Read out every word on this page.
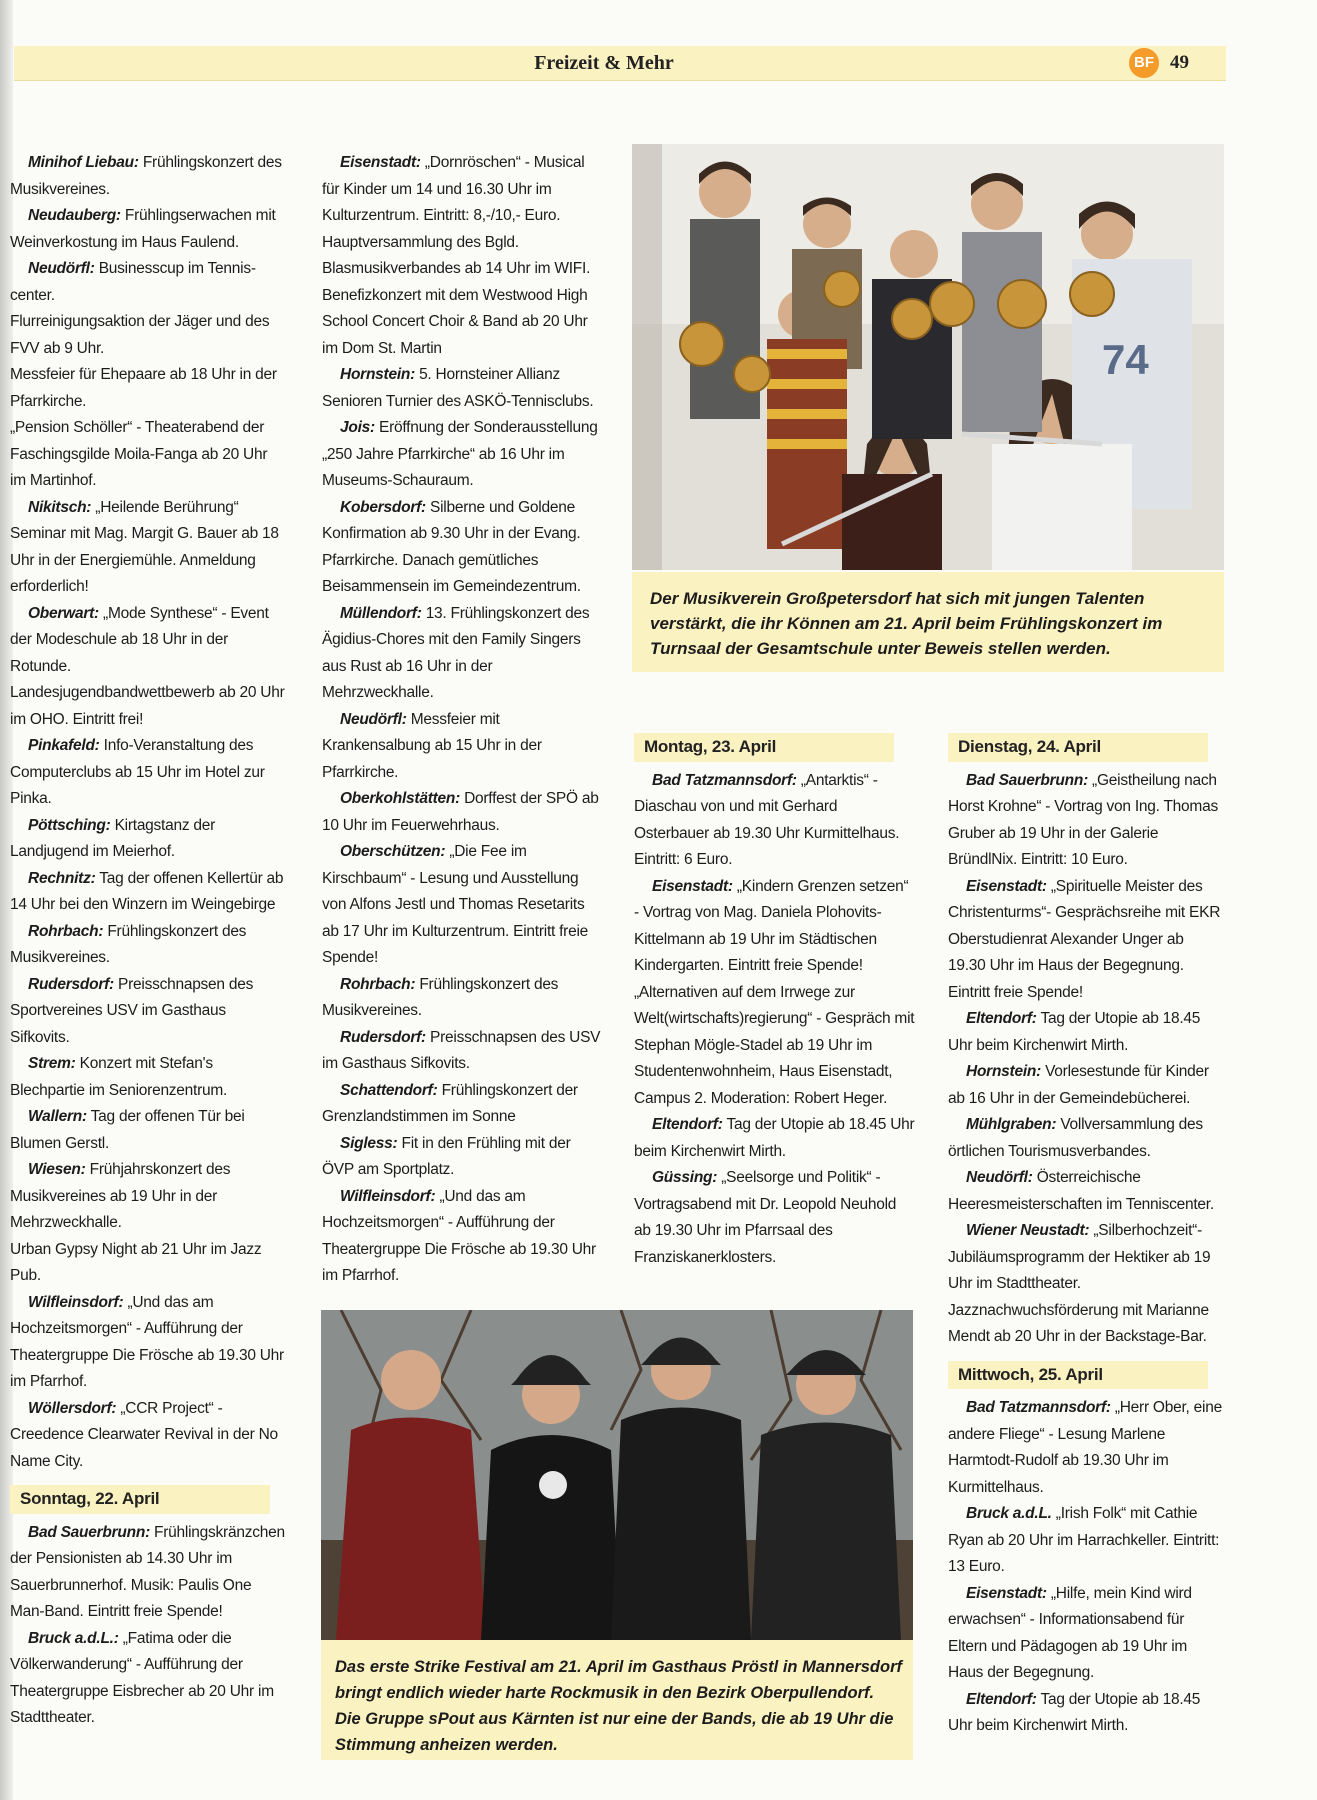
Freizeit & Mehr	BF 49

Minihof Liebau: Frühlingskonzert des Musikvereines.

Neudauberg: Frühlingserwachen mit Weinverkostung im Haus Faulend.

Neudörfl: Businesscup im Tennis-center.

Flurreinigungsaktion der Jäger und des FVV ab 9 Uhr.

Messfeier für Ehepaare ab 18 Uhr in der Pfarrkirche.

„Pension Schöller“ - Theaterabend der Faschingsgilde Moila-Fanga ab 20 Uhr im Martinhof.

Nikitsch: „Heilende Berührung“ Seminar mit Mag. Margit G. Bauer ab 18 Uhr in der Energiemühle. Anmeldung erforderlich!

Oberwart: „Mode Synthese“ - Event der Modeschule ab 18 Uhr in der Rotunde.

Landesjugendbandwettbewerb ab 20 Uhr im OHO. Eintritt frei!

Pinkafeld: Info-Veranstaltung des Computerclubs ab 15 Uhr im Hotel zur Pinka.

Pöttsching: Kirtagstanz der Landjugend im Meierhof.

Rechnitz: Tag der offenen Kellertür ab 14 Uhr bei den Winzern im Weingebirge

Rohrbach: Frühlingskonzert des Musikvereines.

Rudersdorf: Preisschnapsen des Sportvereines USV im Gasthaus Sifkovits.

Strem: Konzert mit Stefan's Blechpartie im Seniorenzentrum.

Wallern: Tag der offenen Tür bei Blumen Gerstl.

Wiesen: Frühjahrskonzert des Musikvereines ab 19 Uhr in der Mehrzweckhalle.

Urban Gypsy Night ab 21 Uhr im Jazz Pub.

Wilfleinsdorf: „Und das am Hochzeitsmorgen“ - Aufführung der Theatergruppe Die Frösche ab 19.30 Uhr im Pfarrhof.

Wöllersdorf: „CCR Project“ - Creedence Clearwater Revival in der No Name City.

Sonntag, 22. April

Bad Sauerbrunn: Frühlingskränzchen der Pensionisten ab 14.30 Uhr im Sauerbrunnerhof. Musik: Paulis One Man-Band. Eintritt freie Spende!

Bruck a.d.L.: „Fatima oder die Völkerwanderung“ - Aufführung der Theatergruppe Eisbrecher ab 20 Uhr im Stadttheater.

Eisenstadt: „Dornröschen“ - Musical für Kinder um 14 und 16.30 Uhr im Kulturzentrum. Eintritt: 8,-/10,- Euro.

Hauptversammlung des Bgld. Blasmusikverbandes ab 14 Uhr im WIFI.

Benefizkonzert mit dem Westwood High School Concert Choir & Band ab 20 Uhr im Dom St. Martin

Hornstein: 5. Hornsteiner Allianz Senioren Turnier des ASKÖ-Tennisclubs.

Jois: Eröffnung der Sonderausstellung „250 Jahre Pfarrkirche“ ab 16 Uhr im Museums-Schauraum.

Kobersdorf: Silberne und Goldene Konfirmation ab 9.30 Uhr in der Evang. Pfarrkirche. Danach gemütliches Beisammensein im Gemeindezentrum.

Müllendorf: 13. Frühlingskonzert des Ägidius-Chores mit den Family Singers aus Rust ab 16 Uhr in der Mehrzweckhalle.

Neudörfl: Messfeier mit Krankensalbung ab 15 Uhr in der Pfarrkirche.

Oberkohlstätten: Dorffest der SPÖ ab 10 Uhr im Feuerwehrhaus.

Oberschützen: „Die Fee im Kirschbaum“ - Lesung und Ausstellung von Alfons Jestl und Thomas Resetarits ab 17 Uhr im Kulturzentrum. Eintritt freie Spende!

Rohrbach: Frühlingskonzert des Musikvereines.

Rudersdorf: Preisschnapsen des USV im Gasthaus Sifkovits.

Schattendorf: Frühlingskonzert der Grenzlandstimmen im Sonne

Sigless: Fit in den Frühling mit der ÖVP am Sportplatz.

Wilfleinsdorf: „Und das am Hochzeitsmorgen“ - Aufführung der Theatergruppe Die Frösche ab 19.30 Uhr im Pfarrhof.

74
Der Musikverein Großpetersdorf hat sich mit jungen Talenten verstärkt, die ihr Können am 21. April beim Frühlingskonzert im Turnsaal der Gesamtschule unter Beweis stellen werden.
Montag, 23. April

Bad Tatzmannsdorf: „Antarktis“ - Diaschau von und mit Gerhard Osterbauer ab 19.30 Uhr Kurmittelhaus. Eintritt: 6 Euro.

Eisenstadt: „Kindern Grenzen setzen“ - Vortrag von Mag. Daniela Plohovits-Kittelmann ab 19 Uhr im Städtischen Kindergarten. Eintritt freie Spende!

„Alternativen auf dem Irrwege zur Welt(wirtschafts)regierung“ - Gespräch mit Stephan Mögle-Stadel ab 19 Uhr im Studentenwohnheim, Haus Eisenstadt, Campus 2. Moderation: Robert Heger.

Eltendorf: Tag der Utopie ab 18.45 Uhr beim Kirchenwirt Mirth.

Güssing: „Seelsorge und Politik“ - Vortragsabend mit Dr. Leopold Neuhold ab 19.30 Uhr im Pfarrsaal des Franziskanerklosters.

Dienstag, 24. April

Bad Sauerbrunn: „Geistheilung nach Horst Krohne“ - Vortrag von Ing. Thomas Gruber ab 19 Uhr in der Galerie BründlNix. Eintritt: 10 Euro.

Eisenstadt: „Spirituelle Meister des Christenturms“- Gesprächsreihe mit EKR Oberstudienrat Alexander Unger ab 19.30 Uhr im Haus der Begegnung. Eintritt freie Spende!

Eltendorf: Tag der Utopie ab 18.45 Uhr beim Kirchenwirt Mirth.

Hornstein: Vorlesestunde für Kinder ab 16 Uhr in der Gemeindebücherei.

Mühlgraben: Vollversammlung des örtlichen Tourismusverbandes.

Neudörfl: Österreichische Heeresmeisterschaften im Tenniscenter.

Wiener Neustadt: „Silberhochzeit“- Jubiläumsprogramm der Hektiker ab 19 Uhr im Stadttheater.

Jazznachwuchsförderung mit Marianne Mendt ab 20 Uhr in der Backstage-Bar.

Mittwoch, 25. April

Bad Tatzmannsdorf: „Herr Ober, eine andere Fliege“ - Lesung Marlene Harmtodt-Rudolf ab 19.30 Uhr im Kurmittelhaus.

Bruck a.d.L. „Irish Folk“ mit Cathie Ryan ab 20 Uhr im Harrachkeller. Eintritt: 13 Euro.

Eisenstadt: „Hilfe, mein Kind wird erwachsen“ - Informationsabend für Eltern und Pädagogen ab 19 Uhr im Haus der Begegnung.

Eltendorf: Tag der Utopie ab 18.45 Uhr beim Kirchenwirt Mirth.

Das erste Strike Festival am 21. April im Gasthaus Pröstl in Mannersdorf bringt endlich wieder harte Rockmusik in den Bezirk Oberpullendorf. Die Gruppe sPout aus Kärnten ist nur eine der Bands, die ab 19 Uhr die Stimmung anheizen werden.
